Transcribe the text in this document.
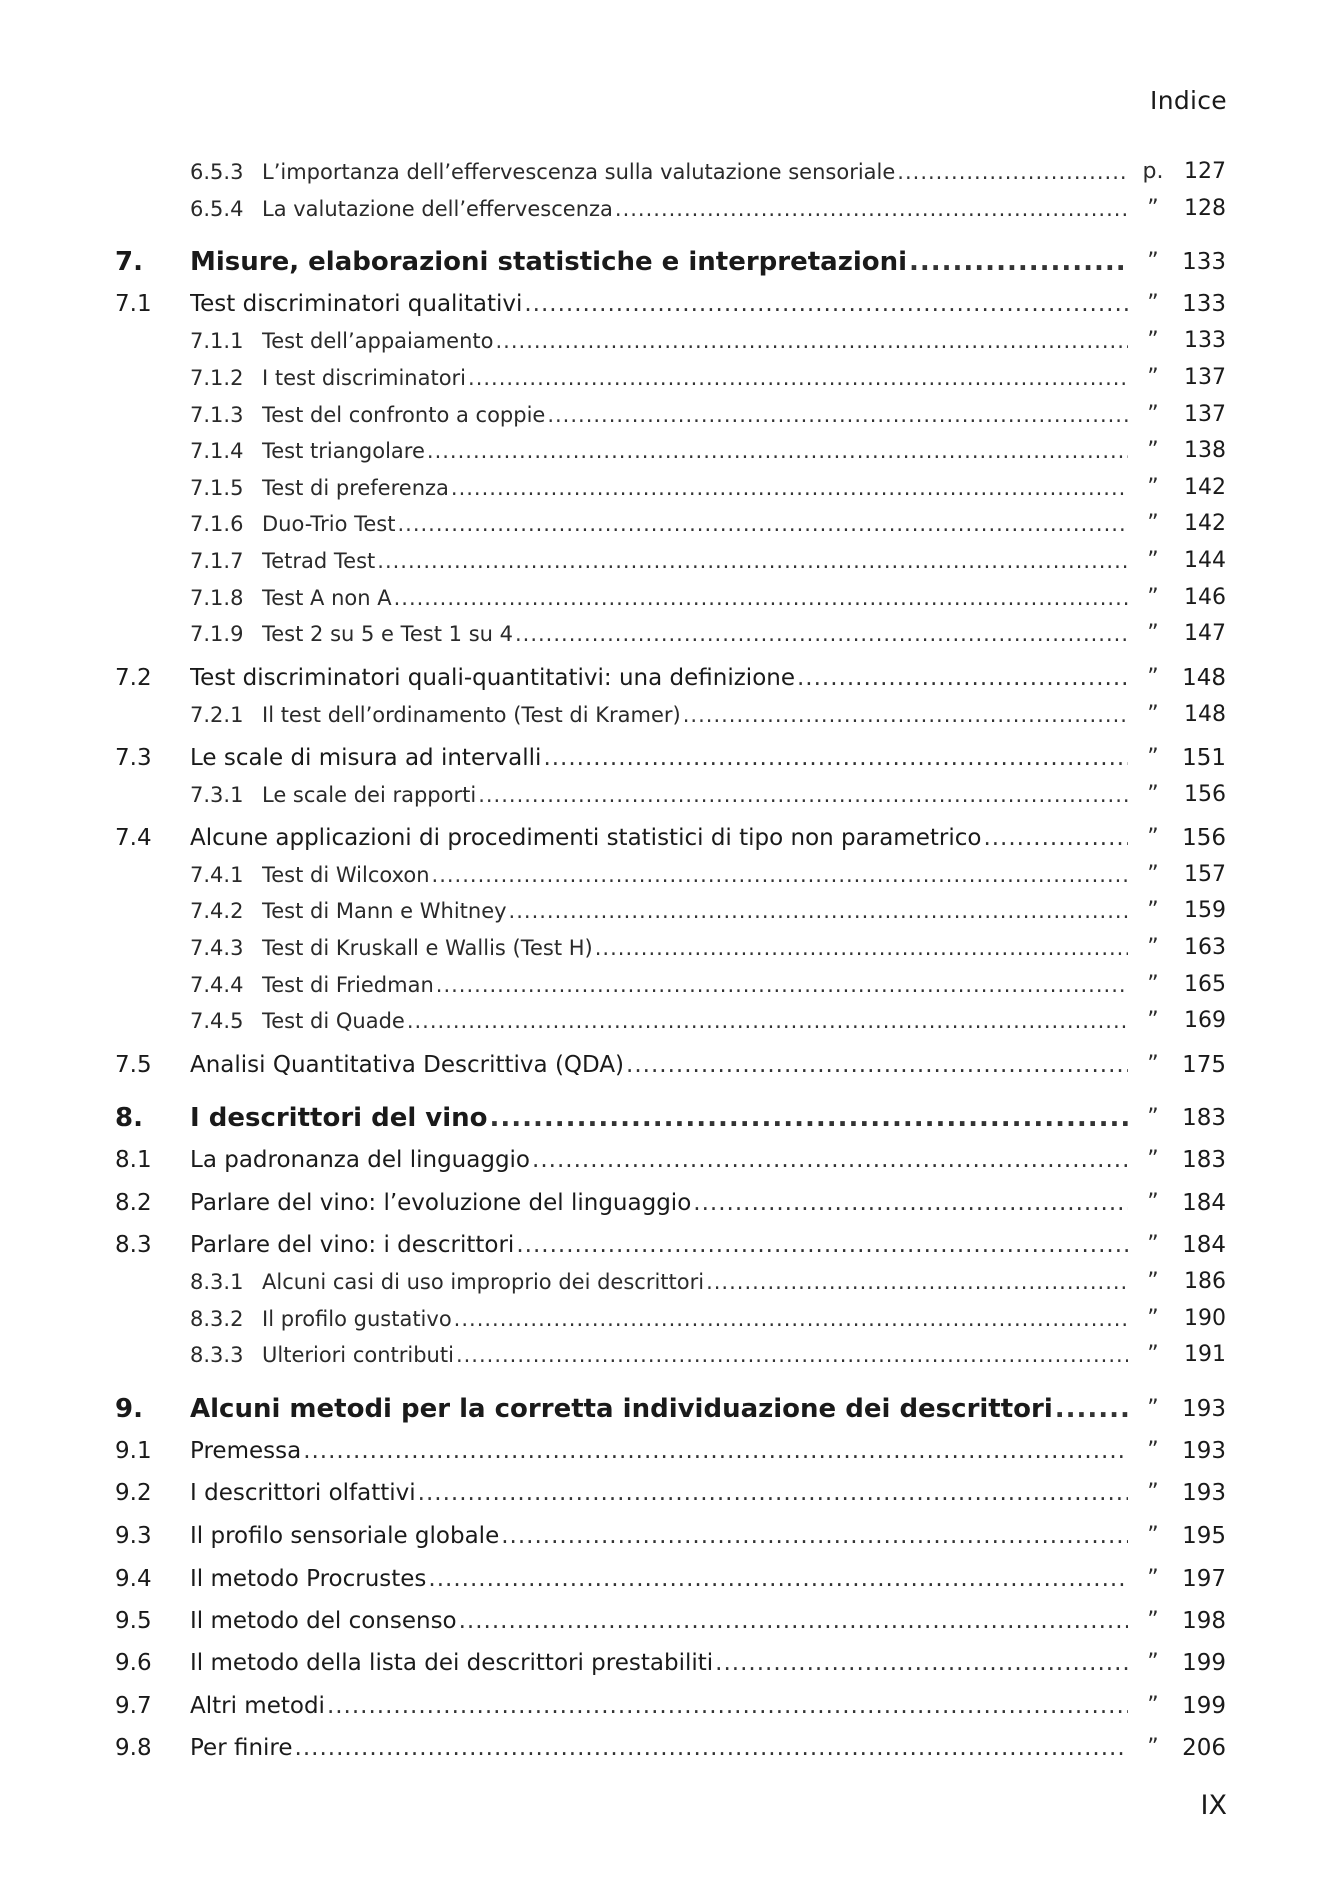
Indice
6.5.3 L’importanza dell’effervescenza sulla valutazione sensoriale .....	p. 127
6.5.4 La valutazione dell’effervescenza .....	”	128
7. Misure, elaborazioni statistiche e interpretazioni .....	”	133
7.1 Test discriminatori qualitativi .....	”	133
7.1.1 Test dell’appaiamento .....	”	133
7.1.2 I test discriminatori .....	”	137
7.1.3 Test del confronto a coppie .....	”	137
7.1.4 Test triangolare .....	”	138
7.1.5 Test di preferenza .....	”	142
7.1.6 Duo-Trio Test .....	”	142
7.1.7 Tetrad Test .....	”	144
7.1.8 Test A non A .....	”	146
7.1.9 Test 2 su 5 e Test 1 su 4 .....	”	147
7.2 Test discriminatori quali-quantitativi: una definizione .....	”	148
7.2.1 Il test dell’ordinamento (Test di Kramer) .....	”	148
7.3 Le scale di misura ad intervalli .....	”	151
7.3.1 Le scale dei rapporti .....	”	156
7.4 Alcune applicazioni di procedimenti statistici di tipo non parametrico .....	”	156
7.4.1 Test di Wilcoxon .....	”	157
7.4.2 Test di Mann e Whitney .....	”	159
7.4.3 Test di Kruskall e Wallis (Test H) .....	”	163
7.4.4 Test di Friedman .....	”	165
7.4.5 Test di Quade .....	”	169
7.5 Analisi Quantitativa Descrittiva (QDA) .....	”	175
8. I descrittori del vino .....	”	183
8.1 La padronanza del linguaggio .....	”	183
8.2 Parlare del vino: l’evoluzione del linguaggio .....	”	184
8.3 Parlare del vino: i descrittori .....	”	184
8.3.1 Alcuni casi di uso improprio dei descrittori .....	”	186
8.3.2 Il profilo gustativo .....	”	190
8.3.3 Ulteriori contributi .....	”	191
9. Alcuni metodi per la corretta individuazione dei descrittori .....	”	193
9.1 Premessa .....	”	193
9.2 I descrittori olfattivi .....	”	193
9.3 Il profilo sensoriale globale .....	”	195
9.4 Il metodo Procrustes .....	”	197
9.5 Il metodo del consenso .....	”	198
9.6 Il metodo della lista dei descrittori prestabiliti .....	”	199
9.7 Altri metodi .....	”	199
9.8 Per finire .....	”	206
IX
